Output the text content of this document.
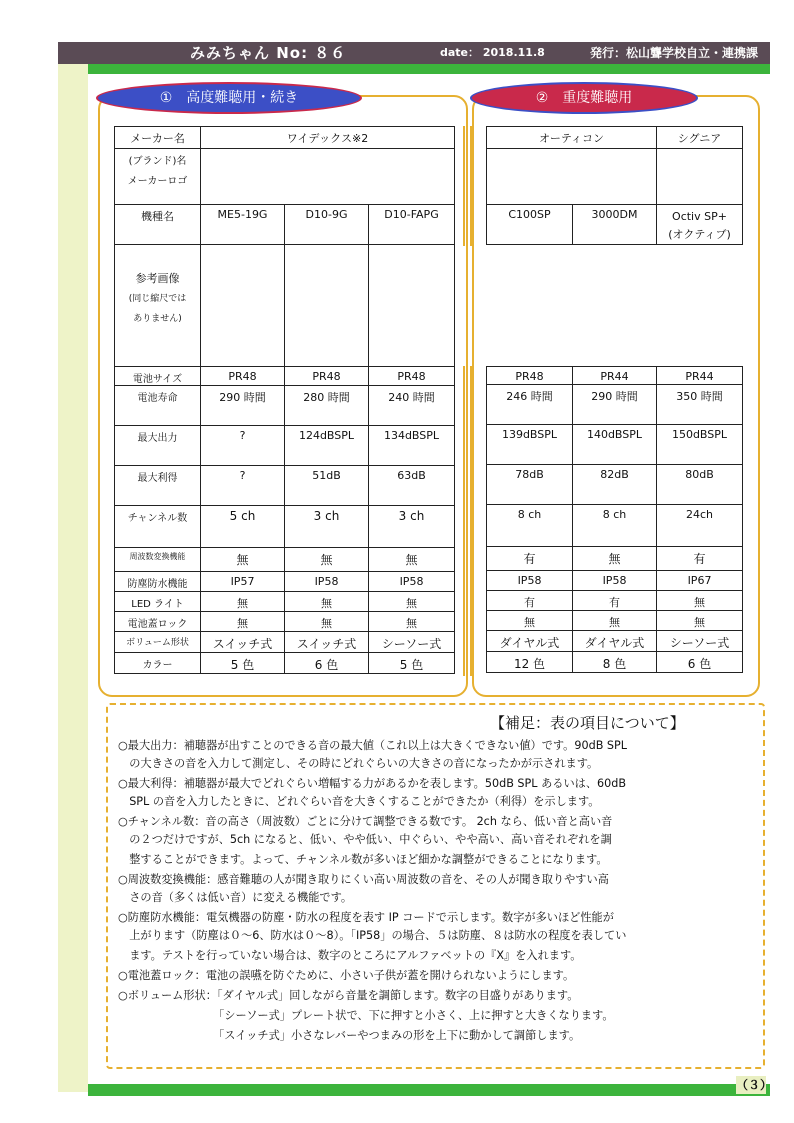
みみちゃん No: ８６	date： 2018.11.8	発行：松山聾学校自立・連携課
①　高度難聴用・続き	②　重度難聴用
メーカー名	ワイデックス※2		

(ブランド)名
メーカーロゴ			

機種名	ME5-19G	D10-9G	D10-FAPG

参考画像
(同じ縮尺では
ありません)			

電池サイズ	PR48	PR48	PR48
電池寿命	290 時間	280 時間	240 時間
最大出力	?	124dBSPL	134dBSPL
最大利得	?	51dB	63dB
チャンネル数	5 ch	3 ch	3 ch
周波数変換機能	無	無	無
防塵防水機能	IP57	IP58	IP58
LED ライト	無	無	無
電池蓋ロック	無	無	無
ボリューム形状	スイッチ式	スイッチ式	シーソー式
カラー	5 色	6 色	5 色
オーティコン		シグニア

C100SP	3000DM	Octiv SP+
(オクティブ)

PR48	PR44	PR44
246 時間	290 時間	350 時間
139dBSPL	140dBSPL	150dBSPL
78dB	82dB	80dB
8 ch	8 ch	24ch
有	無	有
IP58	IP58	IP67
有	有	無
無	無	無
ダイヤル式	ダイヤル式	シーソー式
12 色	8 色	6 色
【補足：表の項目について】
○最大出力：補聴器が出すことのできる音の最大値（これ以上は大きくできない値）です。90dB SPL
　の大きさの音を入力して測定し、その時にどれぐらいの大きさの音になったかが示されます。
○最大利得：補聴器が最大でどれぐらい増幅する力があるかを表します。50dB SPL あるいは、60dB
　SPL の音を入力したときに、どれぐらい音を大きくすることができたか（利得）を示します。
○チャンネル数：音の高さ（周波数）ごとに分けて調整できる数です。 2ch なら、低い音と高い音
　の２つだけですが、5ch になると、低い、やや低い、中ぐらい、やや高い、高い音それぞれを調
　整することができます。よって、チャンネル数が多いほど細かな調整ができることになります。
○周波数変換機能：感音難聴の人が聞き取りにくい高い周波数の音を、その人が聞き取りやすい高
　さの音（多くは低い音）に変える機能です。
○防塵防水機能：電気機器の防塵・防水の程度を表す IP コードで示します。数字が多いほど性能が
　上がります（防塵は０～6、防水は０～8）。「IP58」の場合、５は防塵、８は防水の程度を表してい
　ます。テストを行っていない場合は、数字のところにアルファベットの『X』を入れます。
○電池蓋ロック：電池の誤嚥を防ぐために、小さい子供が蓋を開けられないようにします。
○ボリューム形状：「ダイヤル式」回しながら音量を調節します。数字の目盛りがあります。
　　　　　　　　　「シーソー式」プレート状で、下に押すと小さく、上に押すと大きくなります。
　　　　　　　　　「スイッチ式」小さなレバーやつまみの形を上下に動かして調節します。
（３）
